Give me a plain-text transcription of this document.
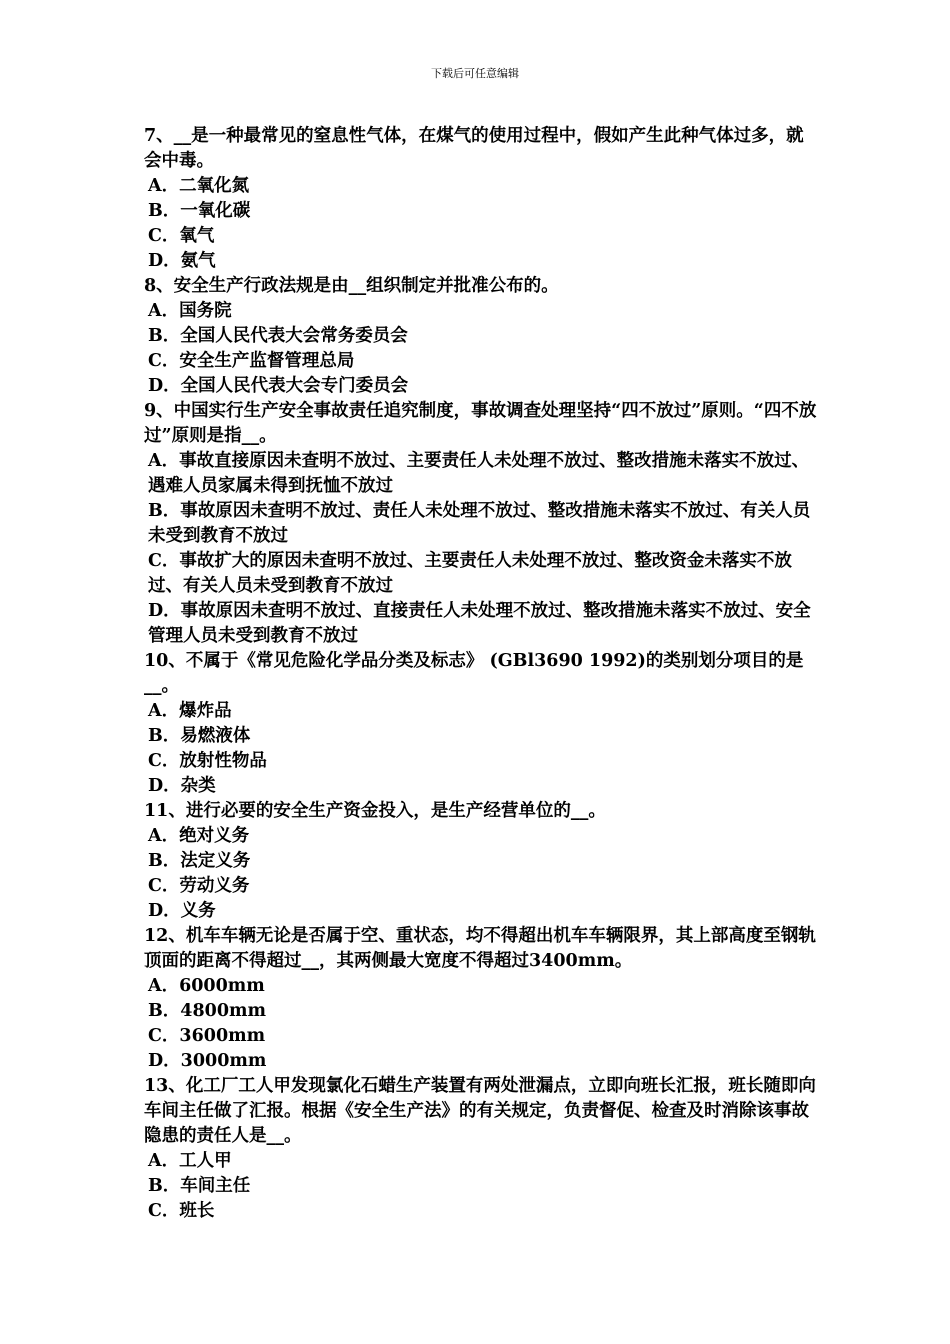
下载后可任意编辑

7、__是一种最常见的窒息性气体，在煤气的使用过程中，假如产生此种气体过多，就会中毒。

A．二氧化氮

B．一氧化碳

C．氧气

D．氨气

8、安全生产行政法规是由__组织制定并批准公布的。

A．国务院

B．全国人民代表大会常务委员会

C．安全生产监督管理总局

D．全国人民代表大会专门委员会

9、中国实行生产安全事故责任追究制度，事故调查处理坚持“四不放过”原则。“四不放过”原则是指__。

A．事故直接原因未查明不放过、主要责任人未处理不放过、整改措施未落实不放过、遇难人员家属未得到抚恤不放过

B．事故原因未查明不放过、责任人未处理不放过、整改措施未落实不放过、有关人员未受到教育不放过

C．事故扩大的原因未查明不放过、主要责任人未处理不放过、整改资金未落实不放过、有关人员未受到教育不放过

D．事故原因未查明不放过、直接责任人未处理不放过、整改措施未落实不放过、安全管理人员未受到教育不放过

10、不属于《常见危险化学品分类及标志》 (GBl3690 1992)的类别划分项目的是__。

A．爆炸品

B．易燃液体

C．放射性物品

D．杂类

11、进行必要的安全生产资金投入，是生产经营单位的__。

A．绝对义务

B．法定义务

C．劳动义务

D．义务

12、机车车辆无论是否属于空、重状态，均不得超出机车车辆限界，其上部高度至钢轨顶面的距离不得超过__，其两侧最大宽度不得超过3400mm。

A．6000mm

B．4800mm

C．3600mm

D．3000mm

13、化工厂工人甲发现氯化石蜡生产装置有两处泄漏点，立即向班长汇报，班长随即向车间主任做了汇报。根据《安全生产法》的有关规定，负责督促、检查及时消除该事故隐患的责任人是__。

A．工人甲

B．车间主任

C．班长
